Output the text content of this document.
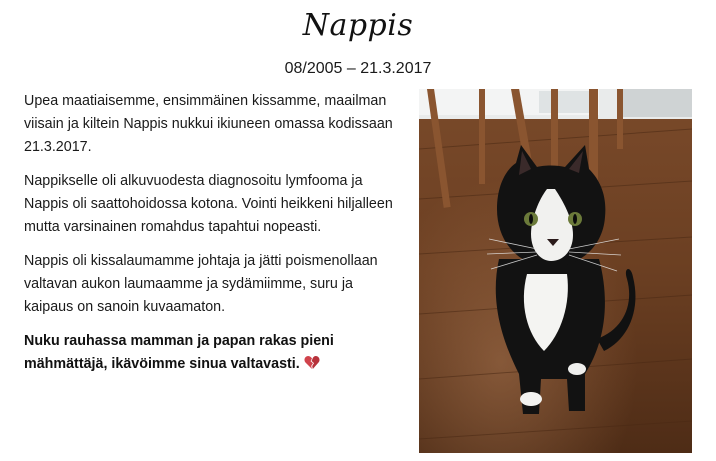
Nappis
08/2005 – 21.3.2017

Upea maatiaisemme, ensimmäinen kissamme, maailman viisain ja kiltein Nappis nukkui ikiuneen omassa kodissaan 21.3.2017.

Nappikselle oli alkuvuodesta diagnosoitu lymfooma ja Nappis oli saattohoidossa kotona. Vointi heikkeni hiljalleen mutta varsinainen romahdus tapahtui nopeasti.

Nappis oli kissalaumamme johtaja ja jätti poismenollaan valtavan aukon laumaamme ja sydämiimme, suru ja kaipaus on sanoin kuvaamaton.

Nuku rauhassa mamman ja papan rakas pieni mähmättäjä, ikävöimme sinua valtavasti.
